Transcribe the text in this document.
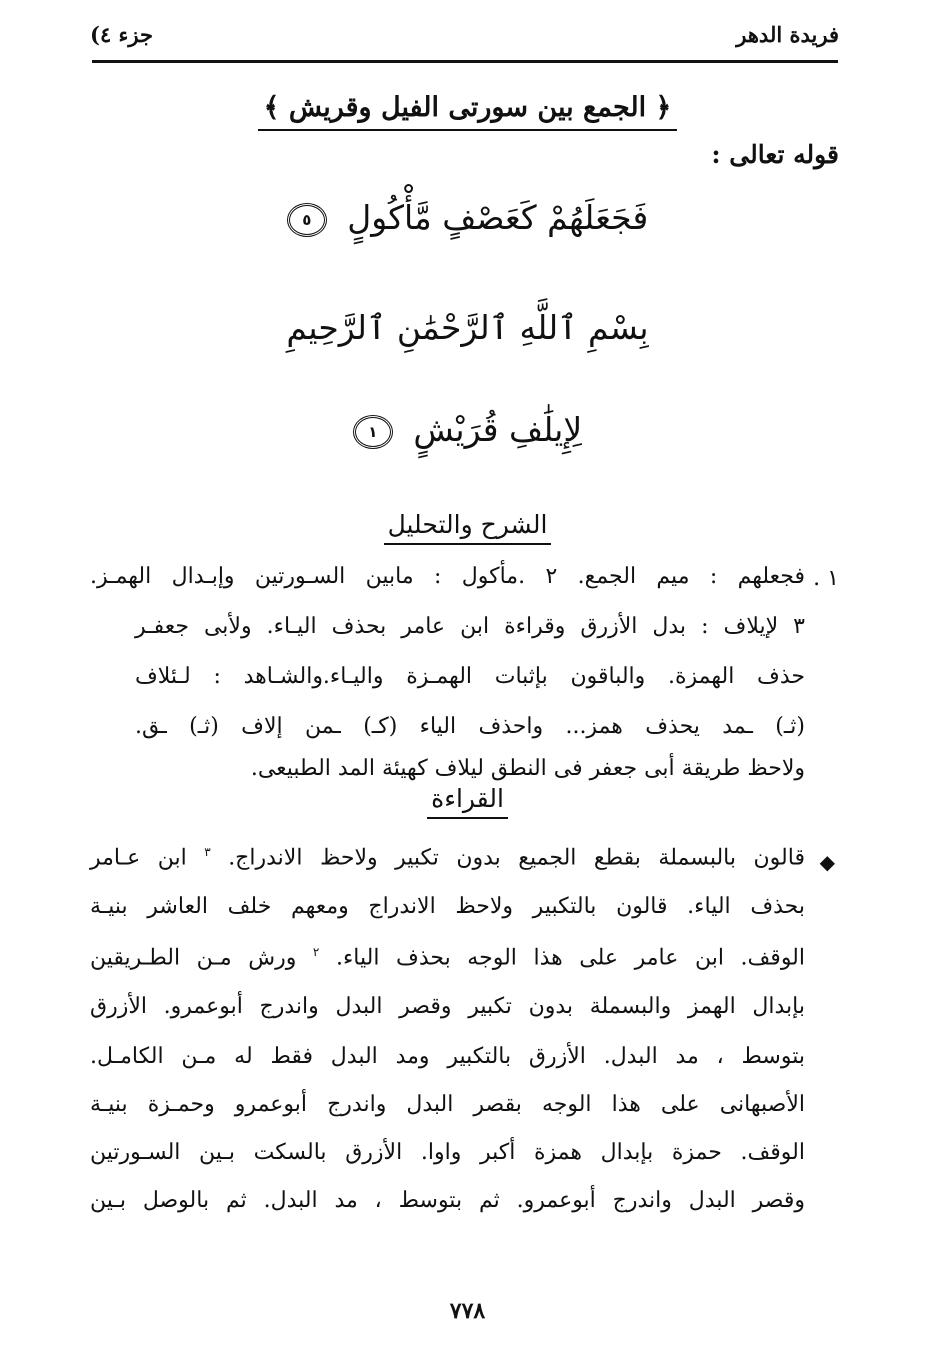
فريدة الدهر
جزء ٤)
﴿ الجمع بين سورتى الفيل وقريش ﴾
قوله تعالى :
فَجَعَلَهُمْ كَعَصْفٍ مَّأْكُولٍ ٥
بِسْمِ ٱللَّهِ ٱلرَّحْمَٰنِ ٱلرَّحِيمِ
لِإِيلَٰفِ قُرَيْشٍ ١
الشرح والتحليل
١ .
فجعلهم : ميم الجمع. ٢ .مأكول : مابين السـورتين وإبـدال الهمـز.
٣ لإيلاف : بدل الأزرق وقراءة ابن عامر بحذف اليـاء. ولأبى جعفـر
حذف الهمزة. والباقون بإثبات الهمـزة واليـاء.والشـاهد : لـئلاف
(ثـ) ـمد يحذف همز... واحذف الياء (كـ) ـمن إلاف (ثـ) ـق.
ولاحظ طريقة أبى جعفر فى النطق ليلاف كهيئة المد الطبيعى.
القراءة
◆
قالون بالبسملة بقطع الجميع بدون تكبير ولاحظ الاندراج. $^٣$ ابن عـامر
بحذف الياء. قالون بالتكبير ولاحظ الاندراج ومعهم خلف العاشر بنيـة
الوقف. ابن عامر على هذا الوجه بحذف الياء. $^٢$ ورش مـن الطـريقين
بإبدال الهمز والبسملة بدون تكبير وقصر البدل واندرج أبوعمرو. الأزرق
بتوسط ، مد البدل. الأزرق بالتكبير ومد البدل فقط له مـن الكامـل.
الأصبهانى على هذا الوجه بقصر البدل واندرج أبوعمرو وحمـزة بنيـة
الوقف. حمزة بإبدال همزة أكبر واوا. الأزرق بالسكت بـين السـورتين
وقصر البدل واندرج أبوعمرو. ثم بتوسط ، مد البدل. ثم بالوصل بـين
٧٧٨
